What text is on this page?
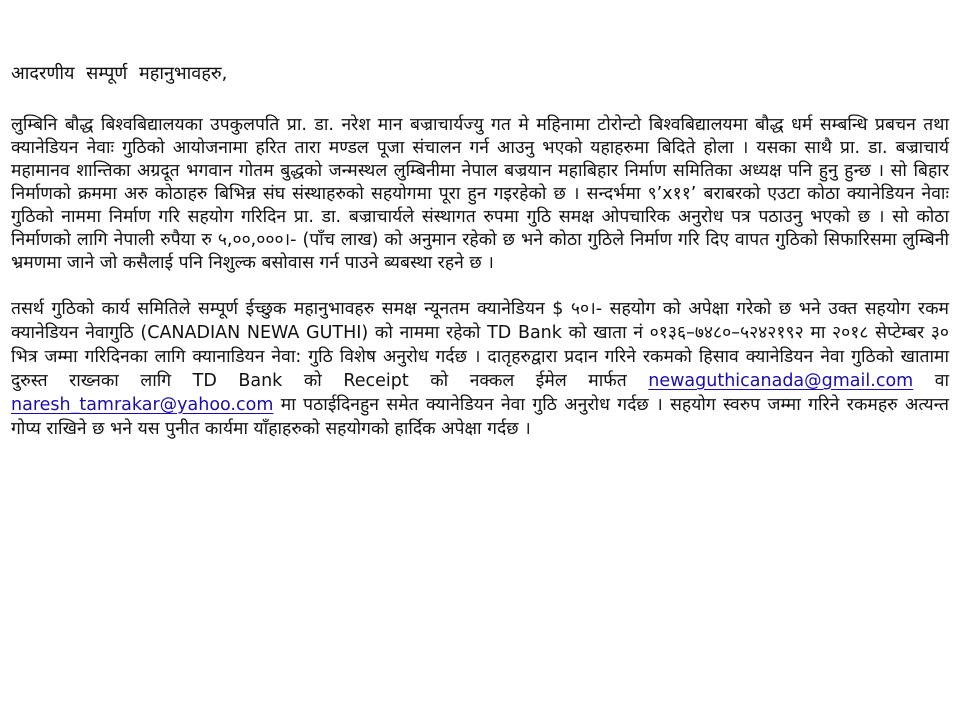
आदरणीय सम्पूर्ण महानुभावहरु,

लुम्बिनि बौद्ध बिश्वबिद्यालयका उपकुलपति प्रा. डा. नरेश मान बज्राचार्यज्यु गत मे महिनामा टोरोन्टो बिश्वबिद्यालयमा बौद्ध धर्म सम्बन्धि प्रबचन तथा क्यानेडियन नेवाः गुठिको आयोजनामा हरित तारा मण्डल पूजा संचालन गर्न आउनु भएको यहाहरुमा बिदिते होला । यसका साथै प्रा. डा. बज्राचार्य महामानव शान्तिका अग्रदूत भगवान गोतम बुद्धको जन्मस्थल लुम्बिनीमा नेपाल बज्रयान महाबिहार निर्माण समितिका अध्यक्ष पनि हुनु हुन्छ । सो बिहार निर्माणको क्रममा अरु कोठाहरु बिभिन्न संघ संस्थाहरुको सहयोगमा पूरा हुन गइरहेको छ । सन्दर्भमा ९’x११’ बराबरको एउटा कोठा क्यानेडियन नेवाः गुठिको नाममा निर्माण गरि सहयोग गरिदिन प्रा. डा. बज्राचार्यले संस्थागत रुपमा गुठि समक्ष ओपचारिक अनुरोध पत्र पठाउनु भएको छ । सो कोठा निर्माणको लागि नेपाली रुपैया रु ५,००,०००।- (पाँच लाख) को अनुमान रहेको छ भने कोठा गुठिले निर्माण गरि दिए वापत गुठिको सिफारिसमा लुम्बिनी भ्रमणमा जाने जो कसैलाई पनि निशुल्क बसोवास गर्न पाउने ब्यबस्था रहने छ ।

तसर्थ गुठिको कार्य समितिले सम्पूर्ण ईच्छुक महानुभावहरु समक्ष न्यूनतम क्यानेडियन $ ५०।- सहयोग को अपेक्षा गरेको छ भने उक्त सहयोग रकम क्यानेडियन नेवागुठि (CANADIAN NEWA GUTHI) को नाममा रहेको TD Bank को खाता नं ०१३६–७४८०–५२४२१९२ मा २०१८ सेप्टेम्बर ३० भित्र जम्मा गरिदिनका लागि क्यानाडियन नेवा: गुठि विशेष अनुरोध गर्दछ । दातृहरुद्वारा प्रदान गरिने रकमको हिसाव क्यानेडियन नेवा गुठिको खातामा दुरुस्त राख्नका लागि TD Bank को Receipt को नक्कल ईमेल मार्फत newaguthicanada@gmail.com वा naresh_tamrakar@yahoo.com मा पठाईदिनहुन समेत क्यानेडियन नेवा गुठि अनुरोध गर्दछ । सहयोग स्वरुप जम्मा गरिने रकमहरु अत्यन्त गोप्य राखिने छ भने यस पुनीत कार्यमा याँहाहरुको सहयोगको हार्दिक अपेक्षा गर्दछ ।
